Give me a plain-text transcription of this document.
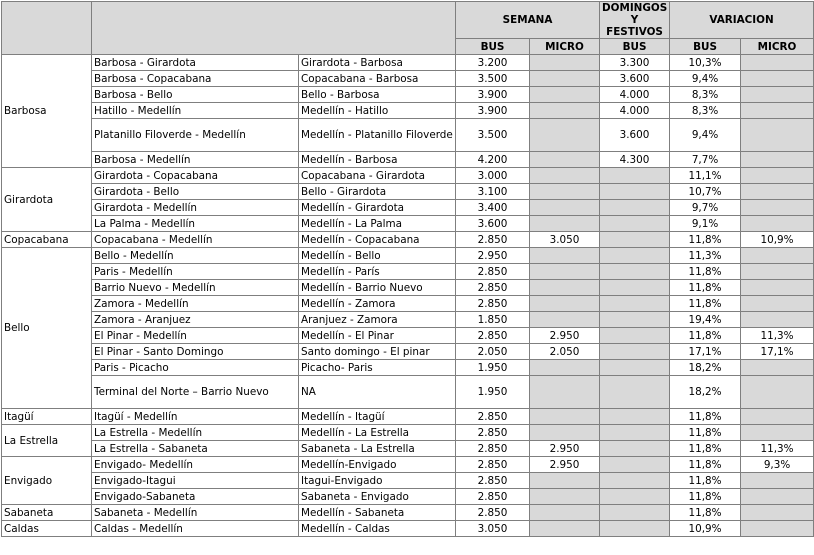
			SEMANA		DOMINGOS Y FESTIVOS	VARIACION	
			BUS	MICRO	BUS	BUS	MICRO
Barbosa	Barbosa - Girardota	Girardota - Barbosa	3.200		3.300	10,3%	
	Barbosa - Copacabana	Copacabana - Barbosa	3.500		3.600	9,4%	
	Barbosa - Bello	Bello - Barbosa	3.900		4.000	8,3%	
	Hatillo - Medellín	Medellín - Hatillo	3.900		4.000	8,3%	
	Platanillo Filoverde - Medellín	Medellín - Platanillo Filoverde	3.500		3.600	9,4%	
	Barbosa - Medellín	Medellín - Barbosa	4.200		4.300	7,7%	
Girardota	Girardota - Copacabana	Copacabana - Girardota	3.000			11,1%	
	Girardota - Bello	Bello - Girardota	3.100			10,7%	
	Girardota - Medellín	Medellín - Girardota	3.400			9,7%	
	La Palma - Medellín	Medellín - La Palma	3.600			9,1%	
Copacabana	Copacabana - Medellín	Medellín - Copacabana	2.850	3.050		11,8%	10,9%
Bello	Bello - Medellín	Medellín - Bello	2.950			11,3%	
	Paris - Medellín	Medellín - París	2.850			11,8%	
	Barrio Nuevo - Medellín	Medellín - Barrio Nuevo	2.850			11,8%	
	Zamora - Medellín	Medellín - Zamora	2.850			11,8%	
	Zamora - Aranjuez	Aranjuez - Zamora	1.850			19,4%	
	El Pinar - Medellín	Medellín - El Pinar	2.850	2.950		11,8%	11,3%
	El Pinar - Santo Domingo	Santo domingo - El pinar	2.050	2.050		17,1%	17,1%
	Paris - Picacho	Picacho- Paris	1.950			18,2%	
	Terminal del Norte – Barrio Nuevo	NA	1.950			18,2%	
Itagüí	Itagüí - Medellín	Medellín - Itagüí	2.850			11,8%	
La Estrella	La Estrella - Medellín	Medellín - La Estrella	2.850			11,8%	
	La Estrella - Sabaneta	Sabaneta - La Estrella	2.850	2.950		11,8%	11,3%
Envigado	Envigado- Medellín	Medellín-Envigado	2.850	2.950		11,8%	9,3%
	Envigado-Itagui	Itagui-Envigado	2.850			11,8%	
	Envigado-Sabaneta	Sabaneta - Envigado	2.850			11,8%	
Sabaneta	Sabaneta - Medellín	Medellín - Sabaneta	2.850			11,8%	
Caldas	Caldas - Medellín	Medellín - Caldas	3.050			10,9%	
